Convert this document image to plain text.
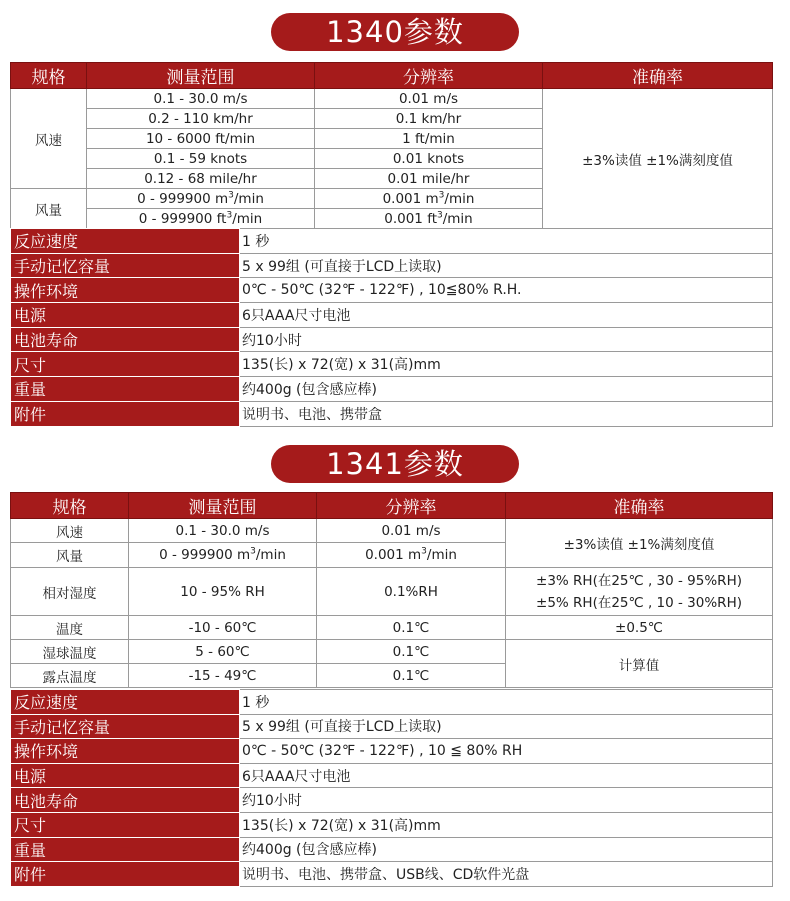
1340参数
规格	测量范围	分辨率	准确率
风速	0.1 - 30.0 m/s	0.01 m/s	±3%读值 ±1%满刻度值
	0.2 - 110 km/hr	0.1 km/hr	
	10 - 6000 ft/min	1 ft/min	
	0.1 - 59 knots	0.01 knots	
	0.12 - 68 mile/hr	0.01 mile/hr	
风量	0 - 999900 $m^3/\min$	0.001 $m^3/\min$	
	0 - 999900 $ft^3/\min$	0.001 $ft^3/\min$	
反应速度	1 秒
手动记忆容量	5 x 99组 (可直接于LCD上读取)
操作环境	0℃ - 50℃ (32℉ - 122℉) , 10≦80% R.H.
电源	6只AAA尺寸电池
电池寿命	约10小时
尺寸	135(长) x 72(宽) x 31(高)mm
重量	约400g (包含感应棒)
附件	说明书、电池、携带盒
1341参数
规格	测量范围	分辨率	准确率
风速	0.1 - 30.0 m/s	0.01 m/s	±3%读值 ±1%满刻度值
风量	0 - 999900 $m^3/\min$	0.001 $m^3/\min$	
相对湿度	10 - 95% RH	0.1%RH	±3% RH(在25℃ , 30 - 95%RH)
±5% RH(在25℃ , 10 - 30%RH)

温度	-10 - 60℃	0.1℃	±0.5℃
湿球温度	5 - 60℃	0.1℃	计算值
露点温度	-15 - 49℃	0.1℃	
反应速度	1 秒
手动记忆容量	5 x 99组 (可直接于LCD上读取)
操作环境	0℃ - 50℃ (32℉ - 122℉) , 10 ≦ 80% RH
电源	6只AAA尺寸电池
电池寿命	约10小时
尺寸	135(长) x 72(宽) x 31(高)mm
重量	约400g (包含感应棒)
附件	说明书、电池、携带盒、USB线、CD软件光盘
